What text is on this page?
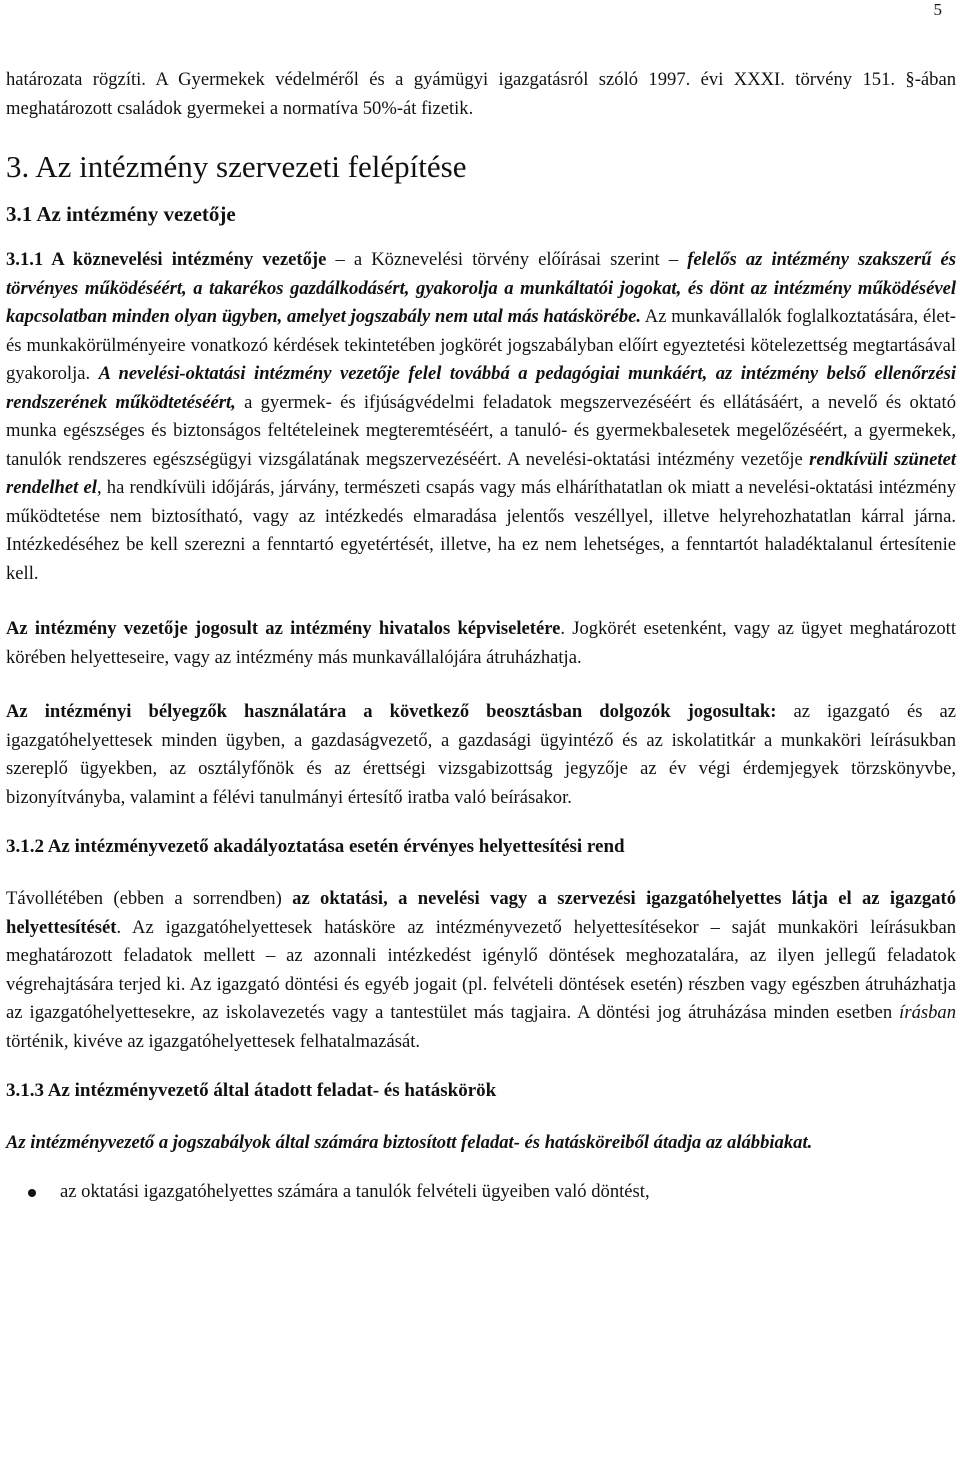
5

határozata rögzíti. A Gyermekek védelméről és a gyámügyi igazgatásról szóló 1997. évi XXXI. törvény 151. §-ában meghatározott családok gyermekei a normatíva 50%-át fizetik.

3. Az intézmény szervezeti felépítése
3.1 Az intézmény vezetője

3.1.1 A köznevelési intézmény vezetője – a Köznevelési törvény előírásai szerint – felelős az intézmény szakszerű és törvényes működéséért, a takarékos gazdálkodásért, gyakorolja a munkáltatói jogokat, és dönt az intézmény működésével kapcsolatban minden olyan ügyben, amelyet jogszabály nem utal más hatáskörébe. Az munkavállalók foglalkoztatására, élet- és munkakörülményeire vonatkozó kérdések tekintetében jogkörét jogszabályban előírt egyeztetési kötelezettség megtartásával gyakorolja. A nevelési-oktatási intézmény vezetője felel továbbá a pedagógiai munkáért, az intézmény belső ellenőrzési rendszerének működtetéséért, a gyermek- és ifjúságvédelmi feladatok megszervezéséért és ellátásáért, a nevelő és oktató munka egészséges és biztonságos feltételeinek megteremtéséért, a tanuló- és gyermekbalesetek megelőzéséért, a gyermekek, tanulók rendszeres egészségügyi vizsgálatának megszervezéséért. A nevelési-oktatási intézmény vezetője rendkívüli szünetet rendelhet el, ha rendkívüli időjárás, járvány, természeti csapás vagy más elháríthatatlan ok miatt a nevelési-oktatási intézmény működtetése nem biztosítható, vagy az intézkedés elmaradása jelentős veszéllyel, illetve helyrehozhatatlan kárral járna. Intézkedéséhez be kell szerezni a fenntartó egyetértését, illetve, ha ez nem lehetséges, a fenntartót haladéktalanul értesítenie kell.

Az intézmény vezetője jogosult az intézmény hivatalos képviseletére. Jogkörét esetenként, vagy az ügyet meghatározott körében helyetteseire, vagy az intézmény más munkavállalójára átruházhatja.

Az intézményi bélyegzők használatára a következő beosztásban dolgozók jogosultak: az igazgató és az igazgatóhelyettesek minden ügyben, a gazdaságvezető, a gazdasági ügyintéző és az iskolatitkár a munkaköri leírásukban szereplő ügyekben, az osztályfőnök és az érettségi vizsgabizottság jegyzője az év végi érdemjegyek törzskönyvbe, bizonyítványba, valamint a félévi tanulmányi értesítő iratba való beírásakor.

3.1.2 Az intézményvezető akadályoztatása esetén érvényes helyettesítési rend

Távollétében (ebben a sorrendben) az oktatási, a nevelési vagy a szervezési igazgatóhelyettes látja el az igazgató helyettesítését. Az igazgatóhelyettesek hatásköre az intézményvezető helyettesítésekor – saját munkaköri leírásukban meghatározott feladatok mellett – az azonnali intézkedést igénylő döntések meghozatalára, az ilyen jellegű feladatok végrehajtására terjed ki. Az igazgató döntési és egyéb jogait (pl. felvételi döntések esetén) részben vagy egészben átruházhatja az igazgatóhelyettesekre, az iskolavezetés vagy a tantestület más tagjaira. A döntési jog átruházása minden esetben írásban történik, kivéve az igazgatóhelyettesek felhatalmazását.

3.1.3 Az intézményvezető által átadott feladat- és hatáskörök

Az intézményvezető a jogszabályok által számára biztosított feladat- és hatásköreiből átadja az alábbiakat.

az oktatási igazgatóhelyettes számára a tanulók felvételi ügyeiben való döntést,
